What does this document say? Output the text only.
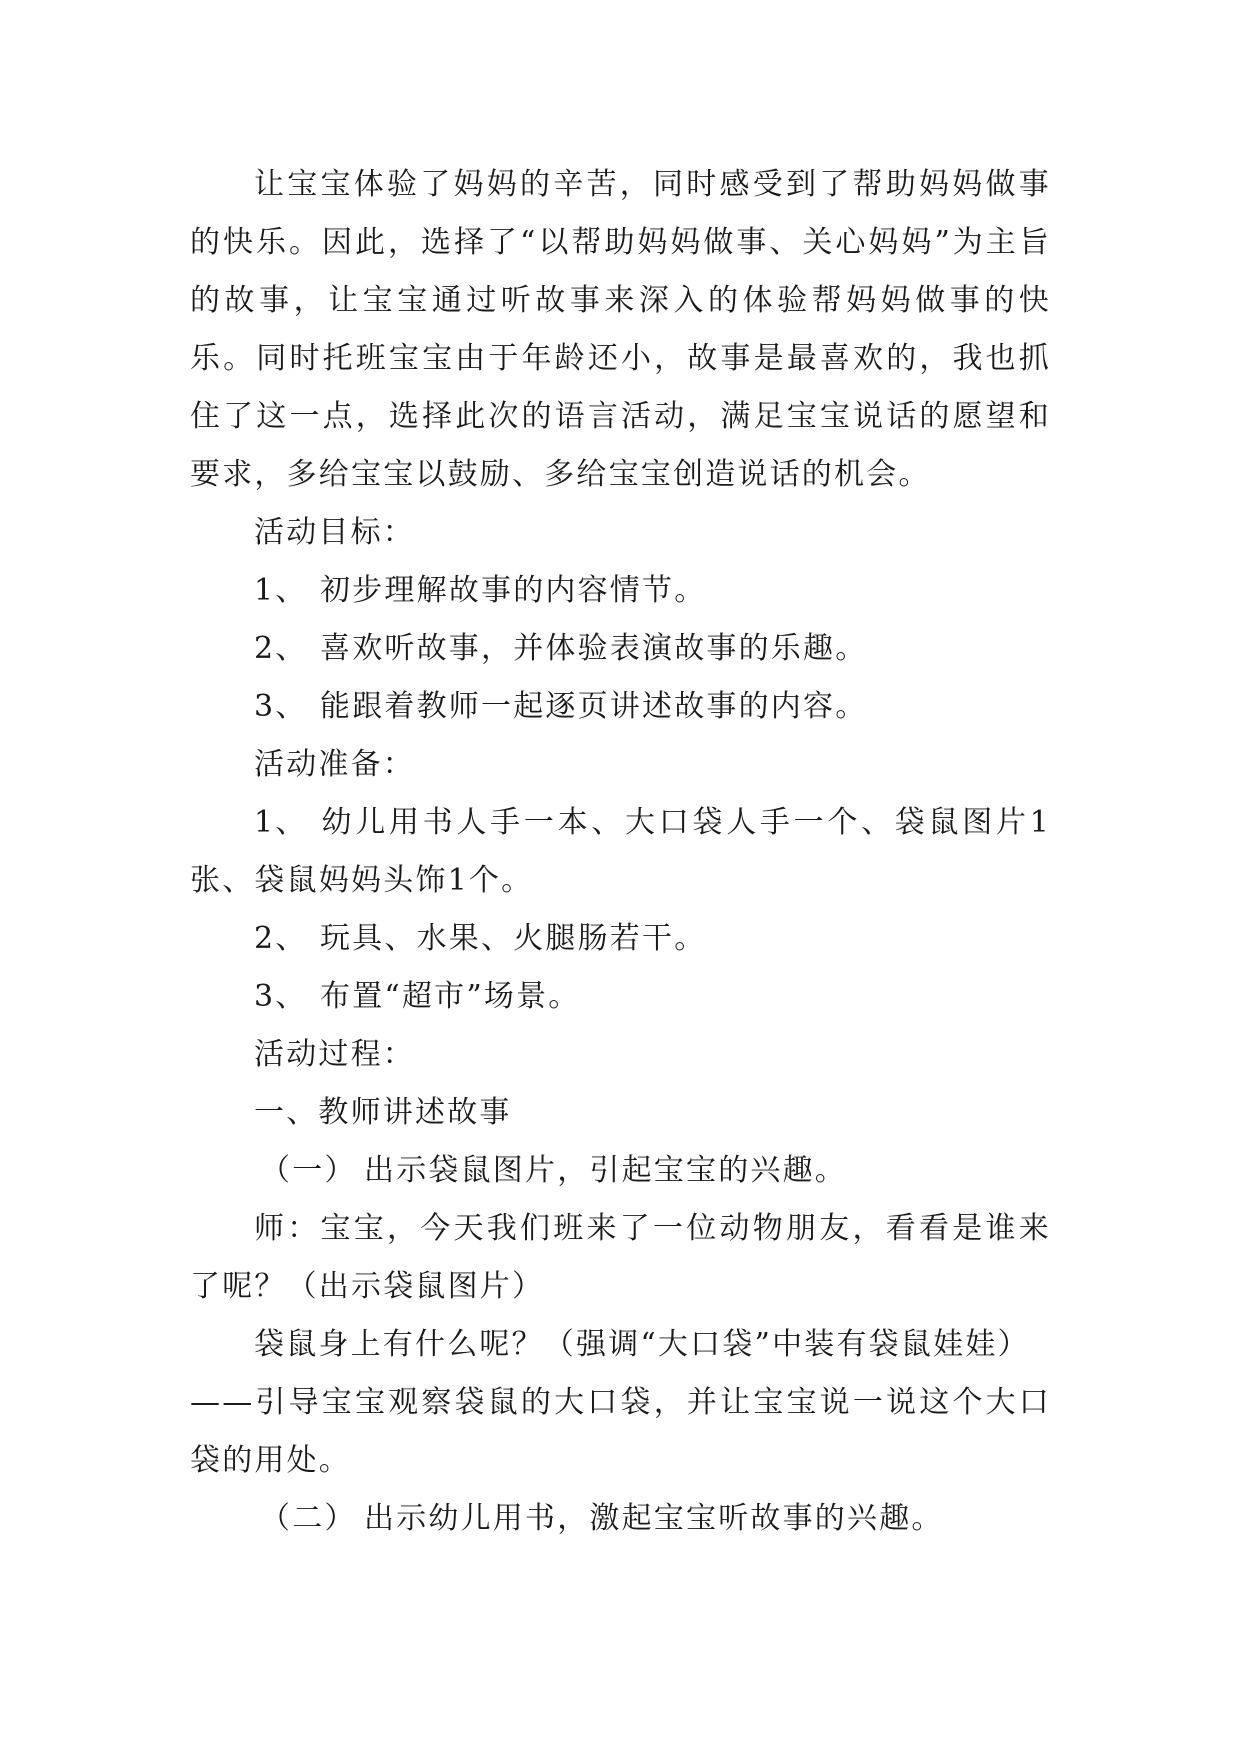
让宝宝体验了妈妈的辛苦，同时感受到了帮助妈妈做事的快乐。因此，选择了“以帮助妈妈做事、关心妈妈”为主旨的故事，让宝宝通过听故事来深入的体验帮妈妈做事的快乐。同时托班宝宝由于年龄还小，故事是最喜欢的，我也抓住了这一点，选择此次的语言活动，满足宝宝说话的愿望和要求，多给宝宝以鼓励、多给宝宝创造说话的机会。

活动目标：

1、 初步理解故事的内容情节。

2、 喜欢听故事，并体验表演故事的乐趣。

3、 能跟着教师一起逐页讲述故事的内容。

活动准备：

1、 幼儿用书人手一本、大口袋人手一个、袋鼠图片1张、袋鼠妈妈头饰1个。

2、 玩具、水果、火腿肠若干。

3、 布置“超市”场景。

活动过程：

一、教师讲述故事

（一） 出示袋鼠图片，引起宝宝的兴趣。

师：宝宝，今天我们班来了一位动物朋友，看看是谁来了呢？（出示袋鼠图片）

袋鼠身上有什么呢？（强调“大口袋”中装有袋鼠娃娃）

——引导宝宝观察袋鼠的大口袋，并让宝宝说一说这个大口袋的用处。

（二） 出示幼儿用书，激起宝宝听故事的兴趣。
